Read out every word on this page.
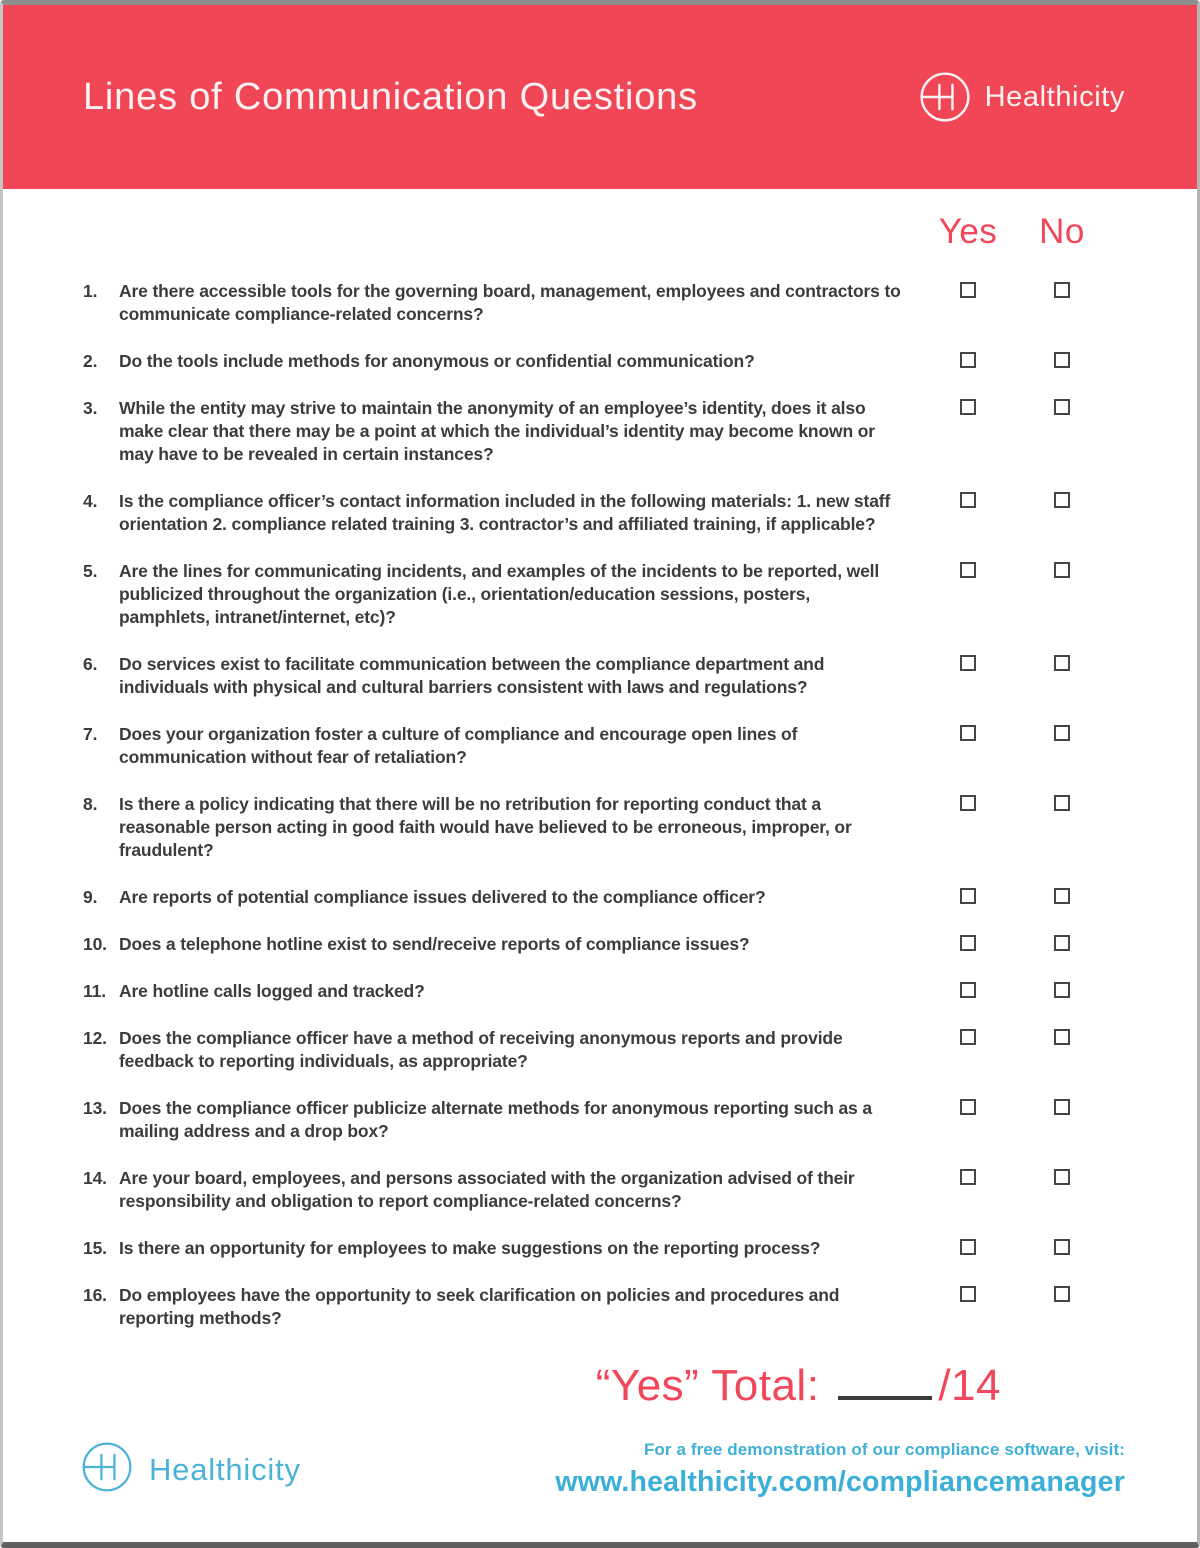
Lines of Communication Questions	Healthicity
Yes	No
1.	Are there accessible tools for the governing board, management, employees and contractors to communicate compliance-related concerns?
2.	Do the tools include methods for anonymous or confidential communication?
3.	While the entity may strive to maintain the anonymity of an employee’s identity, does it also make clear that there may be a point at which the individual’s identity may become known or may have to be revealed in certain instances?
4.	Is the compliance officer’s contact information included in the following materials: 1. new staff orientation 2. compliance related training 3. contractor’s and affiliated training, if applicable?
5.	Are the lines for communicating incidents, and examples of the incidents to be reported, well publicized throughout the organization (i.e., orientation/education sessions, posters, pamphlets, intranet/internet, etc)?
6.	Do services exist to facilitate communication between the compliance department and individuals with physical and cultural barriers consistent with laws and regulations?
7.	Does your organization foster a culture of compliance and encourage open lines of communication without fear of retaliation?
8.	Is there a policy indicating that there will be no retribution for reporting conduct that a reasonable person acting in good faith would have believed to be erroneous, improper, or fraudulent?
9.	Are reports of potential compliance issues delivered to the compliance officer?
10. Does a telephone hotline exist to send/receive reports of compliance issues?
11. Are hotline calls logged and tracked?
12. Does the compliance officer have a method of receiving anonymous reports and provide feedback to reporting individuals, as appropriate?
13. Does the compliance officer publicize alternate methods for anonymous reporting such as a mailing address and a drop box?
14. Are your board, employees, and persons associated with the organization advised of their responsibility and obligation to report compliance-related concerns?
15. Is there an opportunity for employees to make suggestions on the reporting process?
16. Do employees have the opportunity to seek clarification on policies and procedures and reporting methods?
“Yes” Total:	/14
Healthicity
For a free demonstration of our compliance software, visit:
www.healthicity.com/compliancemanager
